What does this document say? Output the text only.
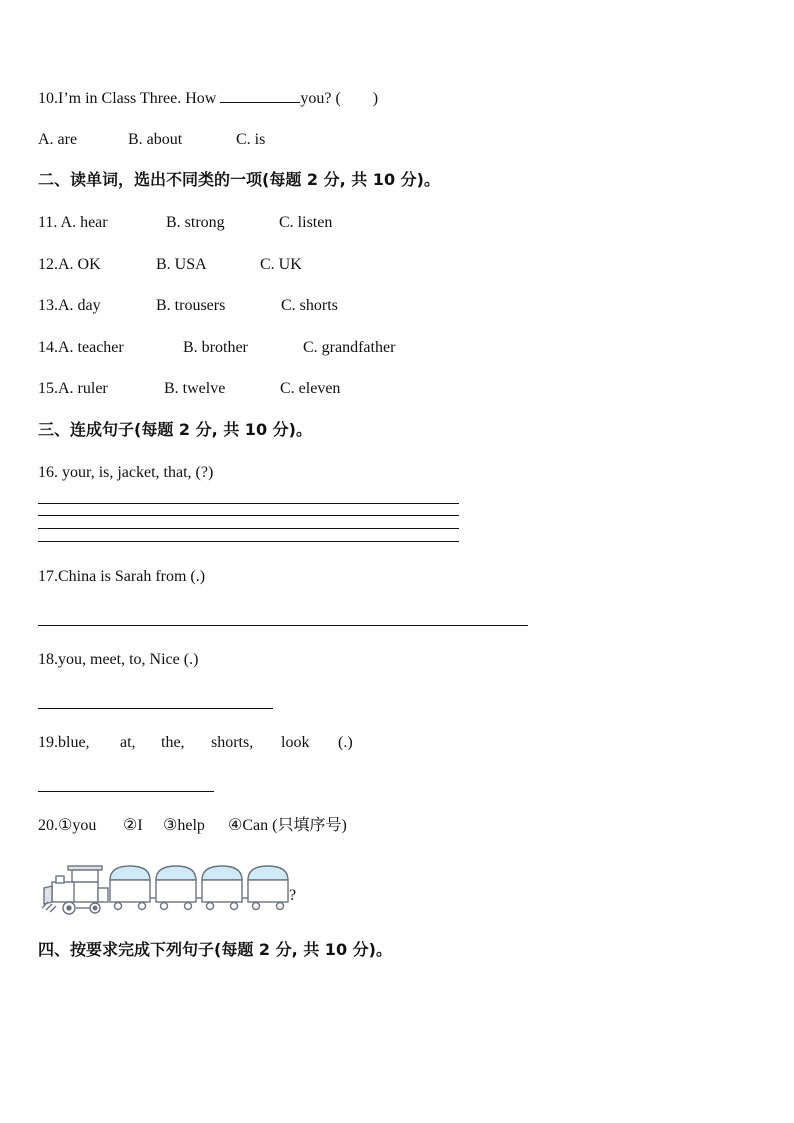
10.I’m in Class Three. How	you? (        )
A. are	B. about	C. is
二、读单词，选出不同类的一项(每题 2 分, 共 10 分)。
11. A. hear	B. strong	C. listen
12.A. OK	B. USA	C. UK
13.A. day	B. trousers	C. shorts
14.A. teacher	B. brother	C. grandfather
15.A. ruler	B. twelve	C. eleven
三、连成句子(每题 2 分, 共 10 分)。
16. your, is, jacket, that, (?)
17.China is Sarah from (.)
18.you, meet, to, Nice (.)
19.blue, at, the, shorts, look (.)
20.①you ②I ③help ④Can (只填序号)
?
四、按要求完成下列句子(每题 2 分, 共 10 分)。
